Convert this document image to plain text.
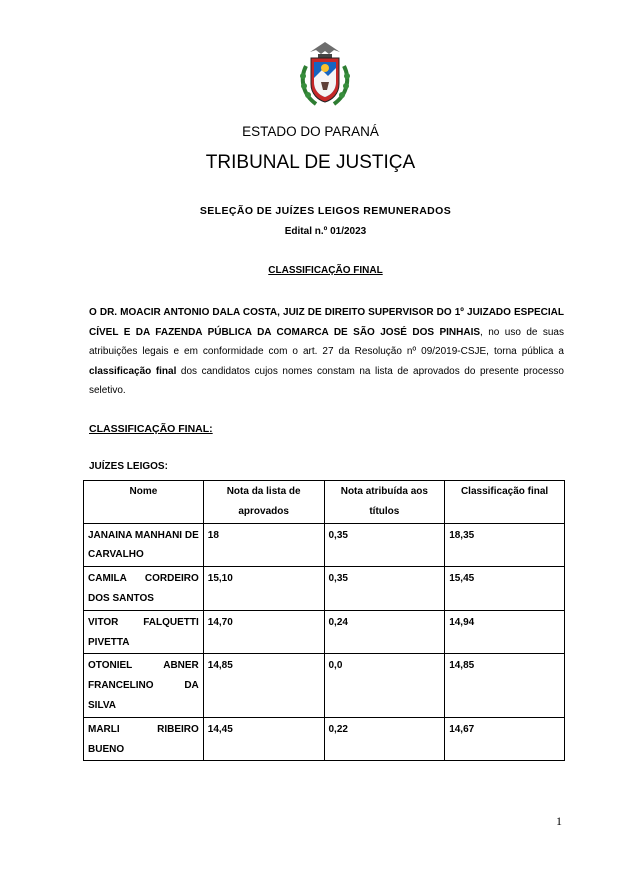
ESTADO DO PARANÁ
TRIBUNAL DE JUSTIÇA
SELEÇÃO DE JUÍZES LEIGOS REMUNERADOS
Edital n.º 01/2023
CLASSIFICAÇÃO FINAL

O DR. MOACIR ANTONIO DALA COSTA, JUIZ DE DIREITO SUPERVISOR DO 1º JUIZADO ESPECIAL CÍVEL E DA FAZENDA PÚBLICA DA COMARCA DE SÃO JOSÉ DOS PINHAIS, no uso de suas atribuições legais e em conformidade com o art. 27 da Resolução nº 09/2019-CSJE, torna pública a classificação final dos candidatos cujos nomes constam na lista de aprovados do presente processo seletivo.

CLASSIFICAÇÃO FINAL:
JUÍZES LEIGOS:
Nome	Nota da lista de aprovados	Nota atribuída aos títulos	Classificação final
JANAINA MANHANI DE CARVALHO	18	0,35	18,35
CAMILA CORDEIRO DOS SANTOS	15,10	0,35	15,45
VITOR FALQUETTI PIVETTA	14,70	0,24	14,94
OTONIEL ABNER FRANCELINO DA SILVA	14,85	0,0	14,85
MARLI RIBEIRO BUENO	14,45	0,22	14,67
1
